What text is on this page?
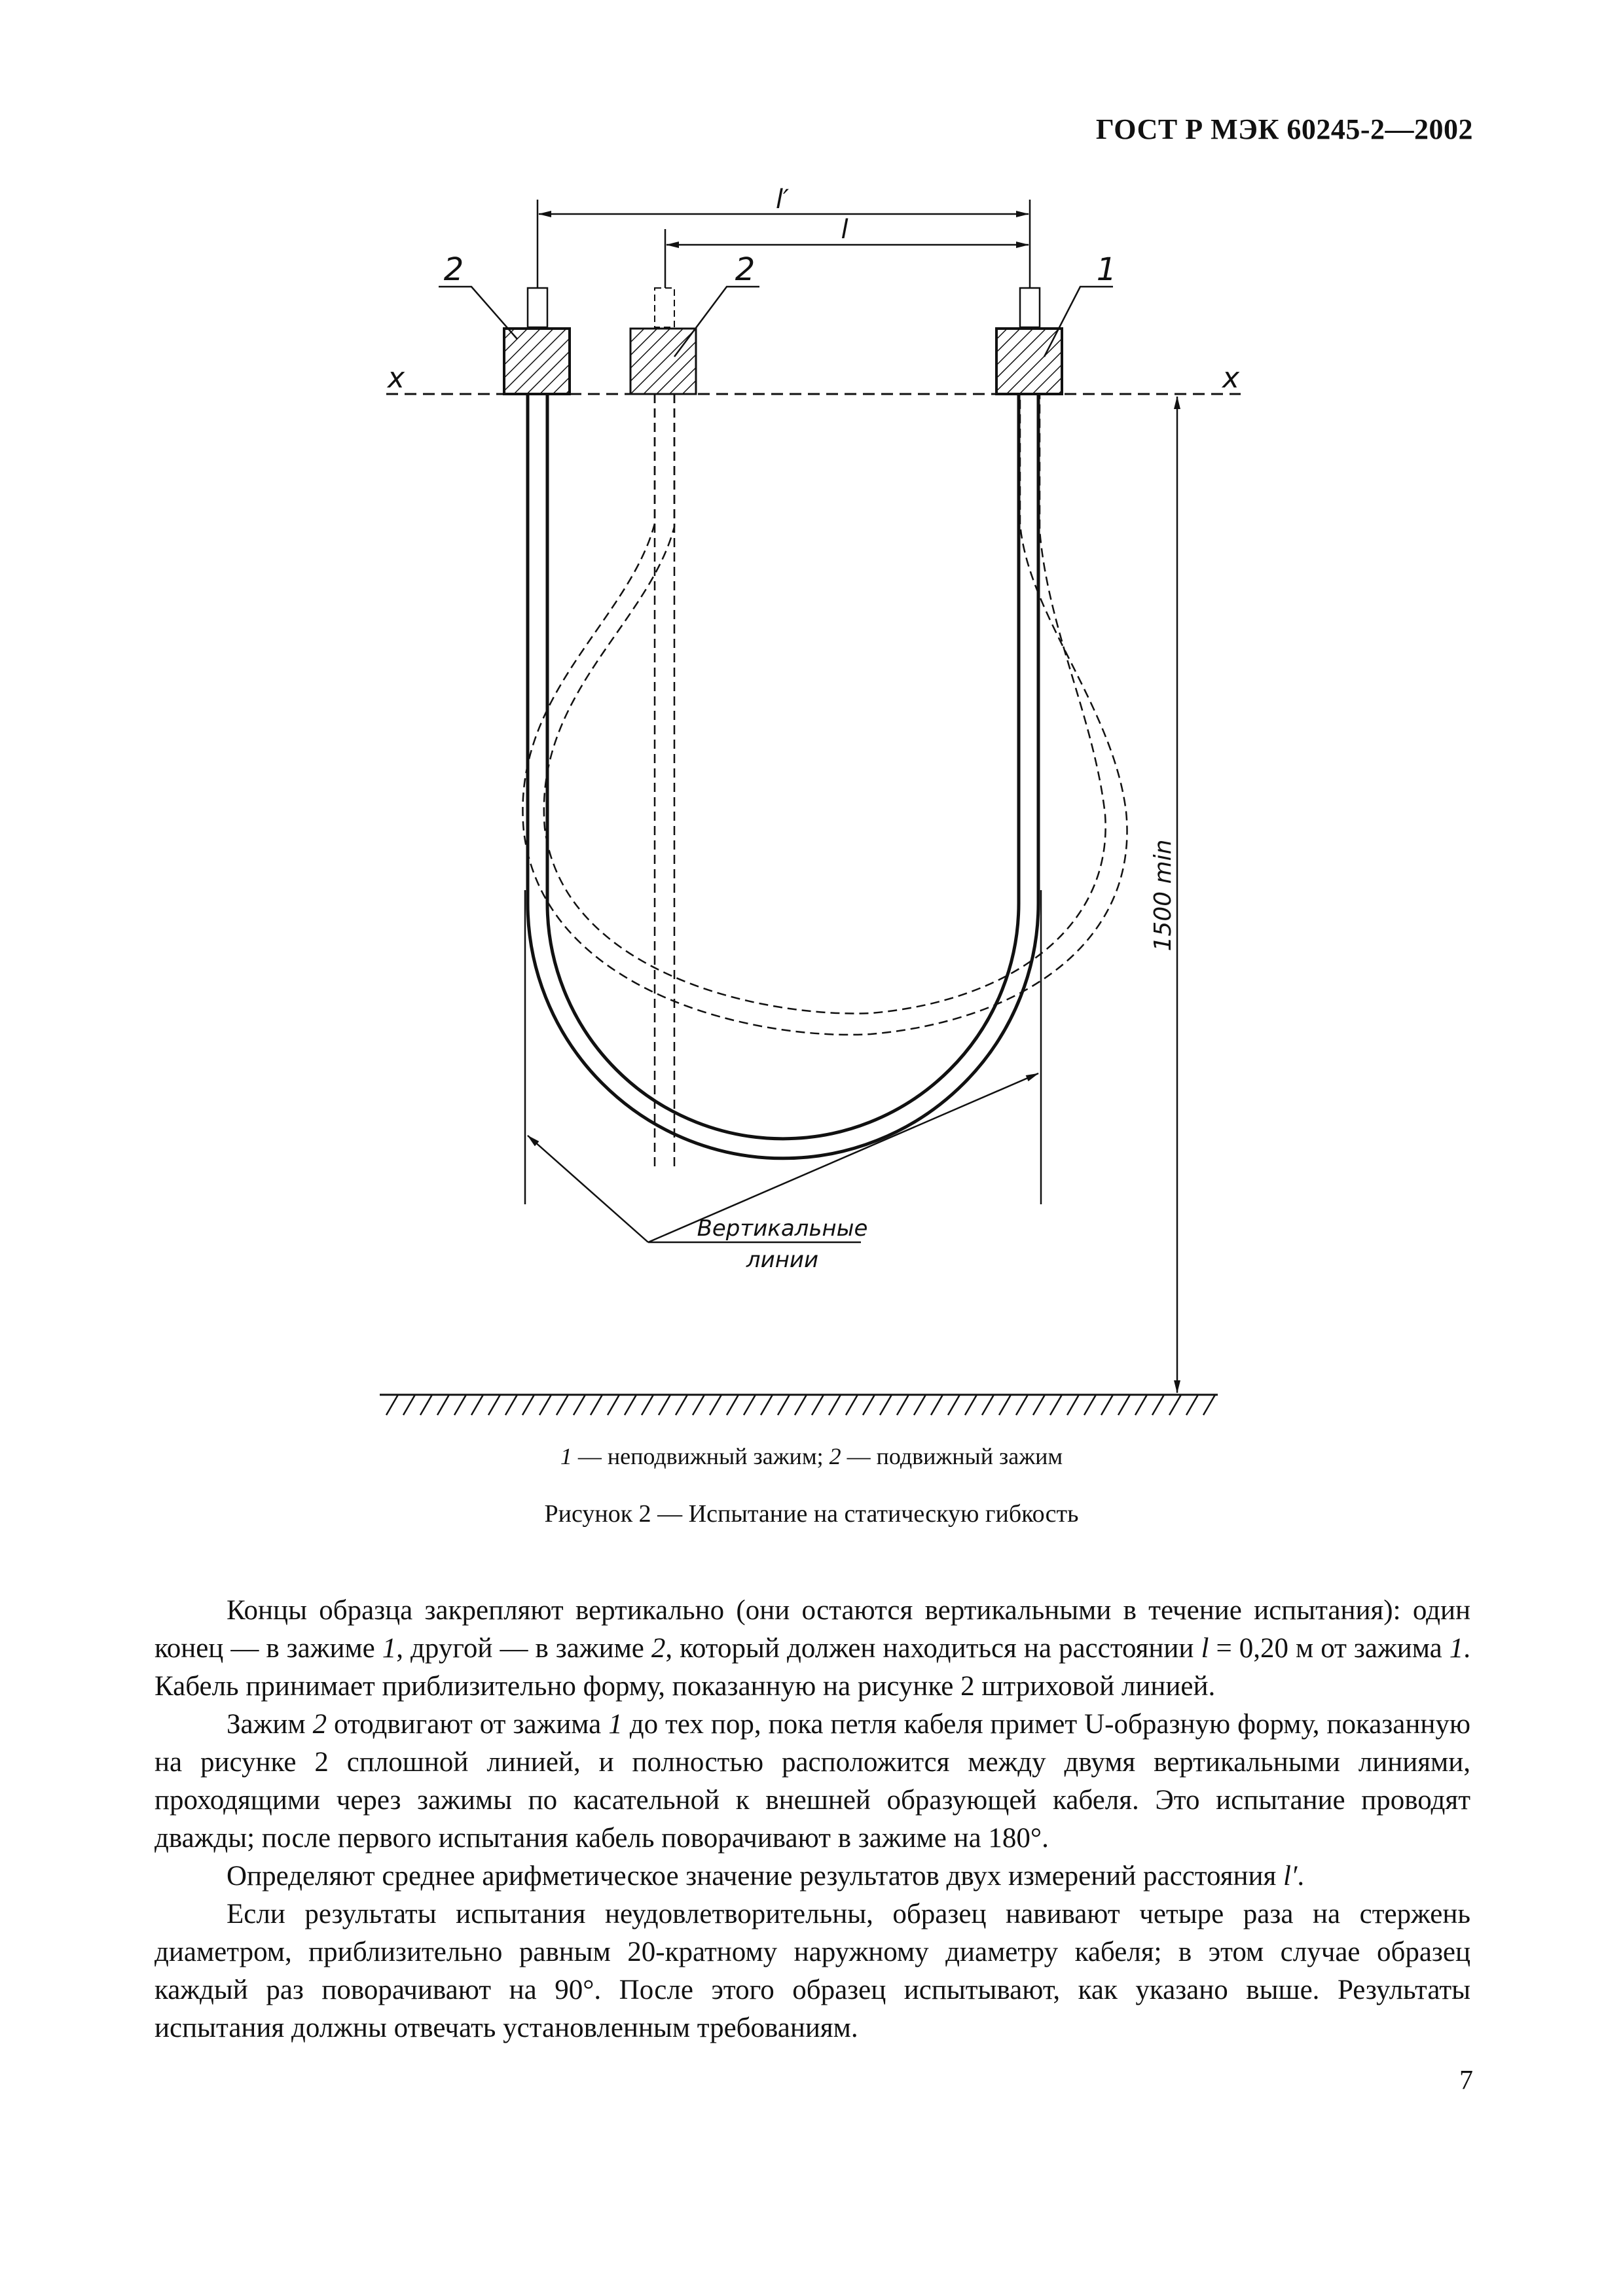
ГОСТ Р МЭК 60245-2—2002
l′
l
x	x
2	2	1
Вертикальные
линии
1500 min
1 — неподвижный зажим; 2 — подвижный зажим
Рисунок 2 — Испытание на статическую гибкость

Концы образца закрепляют вертикально (они остаются вертикальными в течение испытания): один конец — в зажиме 1, другой — в зажиме 2, который должен находиться на расстоянии l = 0,20 м от зажима 1. Кабель принимает приблизительно форму, показанную на рисунке 2 штриховой линией.

Зажим 2 отодвигают от зажима 1 до тех пор, пока петля кабеля примет U-образную форму, показанную на рисунке 2 сплошной линией, и полностью расположится между двумя вертикальными линиями, проходящими через зажимы по касательной к внешней образующей кабеля. Это испытание проводят дважды; после первого испытания кабель поворачивают в зажиме на 180°.

Определяют среднее арифметическое значение результатов двух измерений расстояния l′.

Если результаты испытания неудовлетворительны, образец навивают четыре раза на стержень диаметром, приблизительно равным 20-кратному наружному диаметру кабеля; в этом случае образец каждый раз поворачивают на 90°. После этого образец испытывают, как указано выше. Результаты испытания должны отвечать установленным требованиям.

7
